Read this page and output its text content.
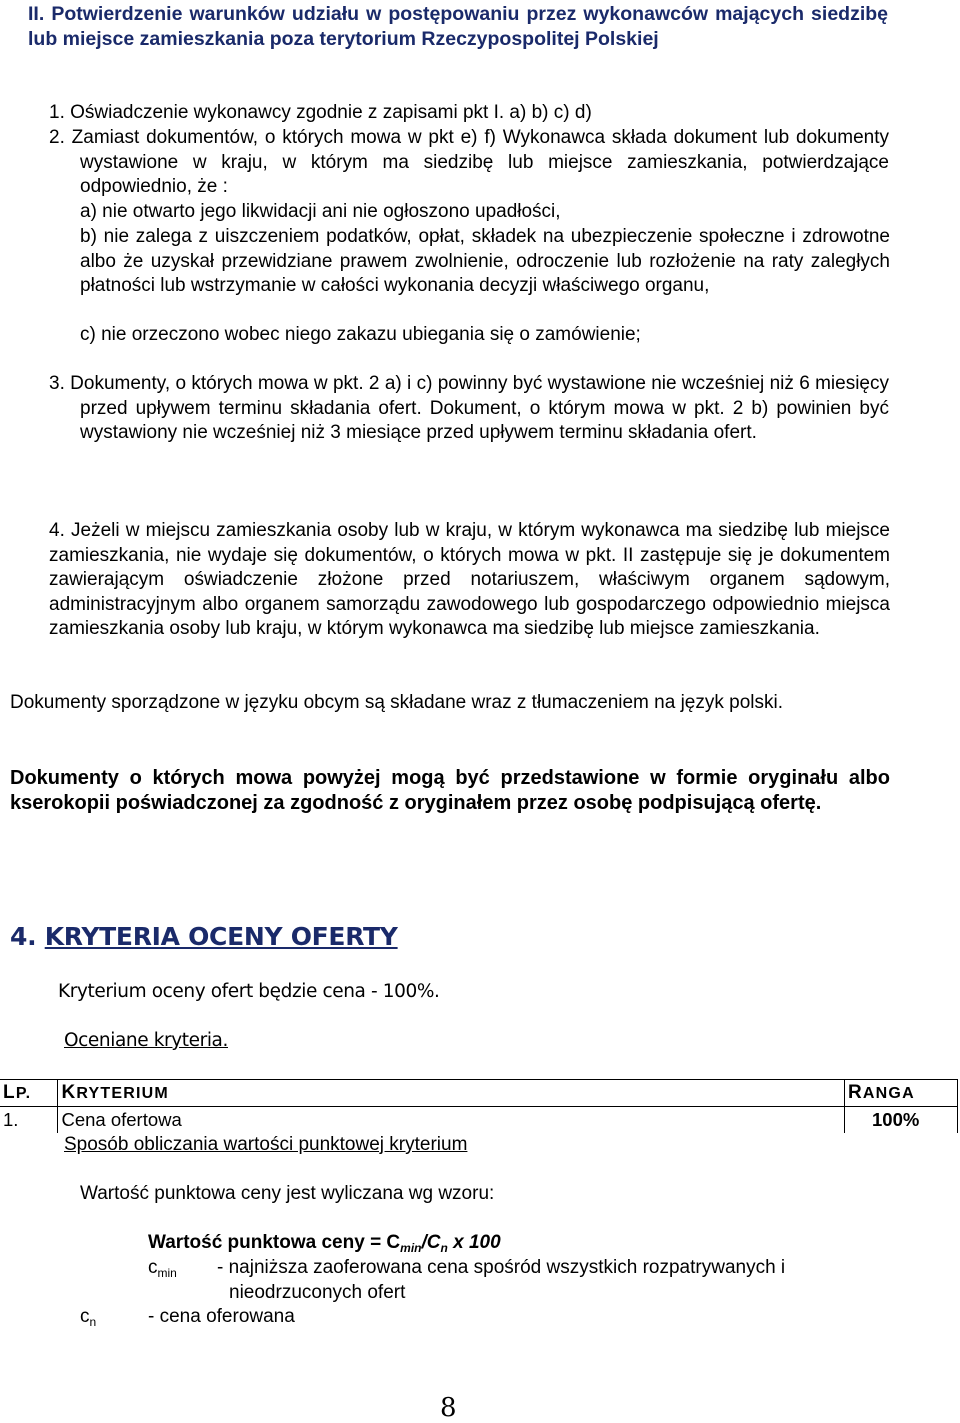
II. Potwierdzenie warunków udziału w postępowaniu przez wykonawców mających siedzibę lub miejsce zamieszkania poza terytorium Rzeczypospolitej Polskiej
1. Oświadczenie wykonawcy zgodnie z zapisami pkt I. a) b) c) d)
2. Zamiast dokumentów, o których mowa w pkt e) f) Wykonawca składa dokument lub dokumenty wystawione w kraju, w którym ma siedzibę lub miejsce zamieszkania, potwierdzające odpowiednio, że :
a) nie otwarto jego likwidacji ani nie ogłoszono upadłości,
b) nie zalega z uiszczeniem podatków, opłat, składek na ubezpieczenie społeczne i zdrowotne albo że uzyskał przewidziane prawem zwolnienie, odroczenie lub rozłożenie na raty zaległych płatności lub wstrzymanie w całości wykonania decyzji właściwego organu,
c) nie orzeczono wobec niego zakazu ubiegania się o zamówienie;
3. Dokumenty, o których mowa w pkt. 2 a) i c) powinny być wystawione nie wcześniej niż 6 miesięcy przed upływem terminu składania ofert. Dokument, o którym mowa w pkt. 2 b) powinien być wystawiony nie wcześniej niż 3 miesiące przed upływem terminu składania ofert.
4. Jeżeli w miejscu zamieszkania osoby lub w kraju, w którym wykonawca ma siedzibę lub miejsce zamieszkania, nie wydaje się dokumentów, o których mowa w pkt. II zastępuje się je dokumentem zawierającym oświadczenie złożone przed notariuszem, właściwym organem sądowym, administracyjnym albo organem samorządu zawodowego lub gospodarczego odpowiednio miejsca zamieszkania osoby lub kraju, w którym wykonawca ma siedzibę lub miejsce zamieszkania.
Dokumenty sporządzone w języku obcym są składane wraz z tłumaczeniem na język polski.
Dokumenty o których mowa powyżej mogą być przedstawione w formie oryginału albo kserokopii poświadczonej za zgodność z oryginałem przez osobę podpisującą ofertę.
4. KRYTERIA OCENY OFERTY
Kryterium oceny ofert będzie cena - 100%.
Oceniane kryteria.
LP.	KRYTERIUM	RANGA
1.	Cena ofertowa	100%
Sposób obliczania wartości punktowej kryterium
Wartość punktowa ceny jest wyliczana wg wzoru:
Wartość punktowa ceny = $C_{min}/C_n$ x 100
$c_{min}$ - najniższa zaoferowana cena spośród wszystkich rozpatrywanych i
nieodrzuconych ofert
$c_n$	- cena oferowana
8
